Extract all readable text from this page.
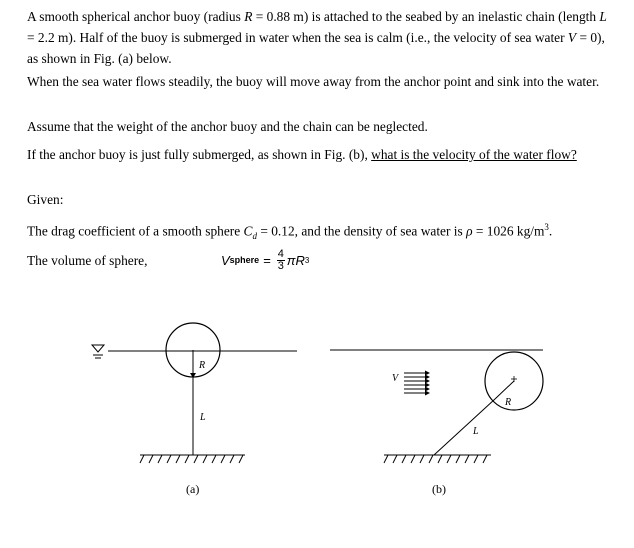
A smooth spherical anchor buoy (radius R = 0.88 m) is attached to the seabed by an inelastic chain (length L = 2.2 m). Half of the buoy is submerged in water when the sea is calm (i.e., the velocity of sea water V = 0), as shown in Fig. (a) below.

When the sea water flows steadily, the buoy will move away from the anchor point and sink into the water.

Assume that the weight of the anchor buoy and the chain can be neglected.

If the anchor buoy is just fully submerged, as shown in Fig. (b), what is the velocity of the water flow?

Given:

The drag coefficient of a smooth sphere $C_d = 0.12$, and the density of sea water is ρ = 1026 $kg/m^3$.

The volume of sphere,	V sphere = $\frac{4}{3}$ π R 3
R
L
(a)
V
R
L
(b)
